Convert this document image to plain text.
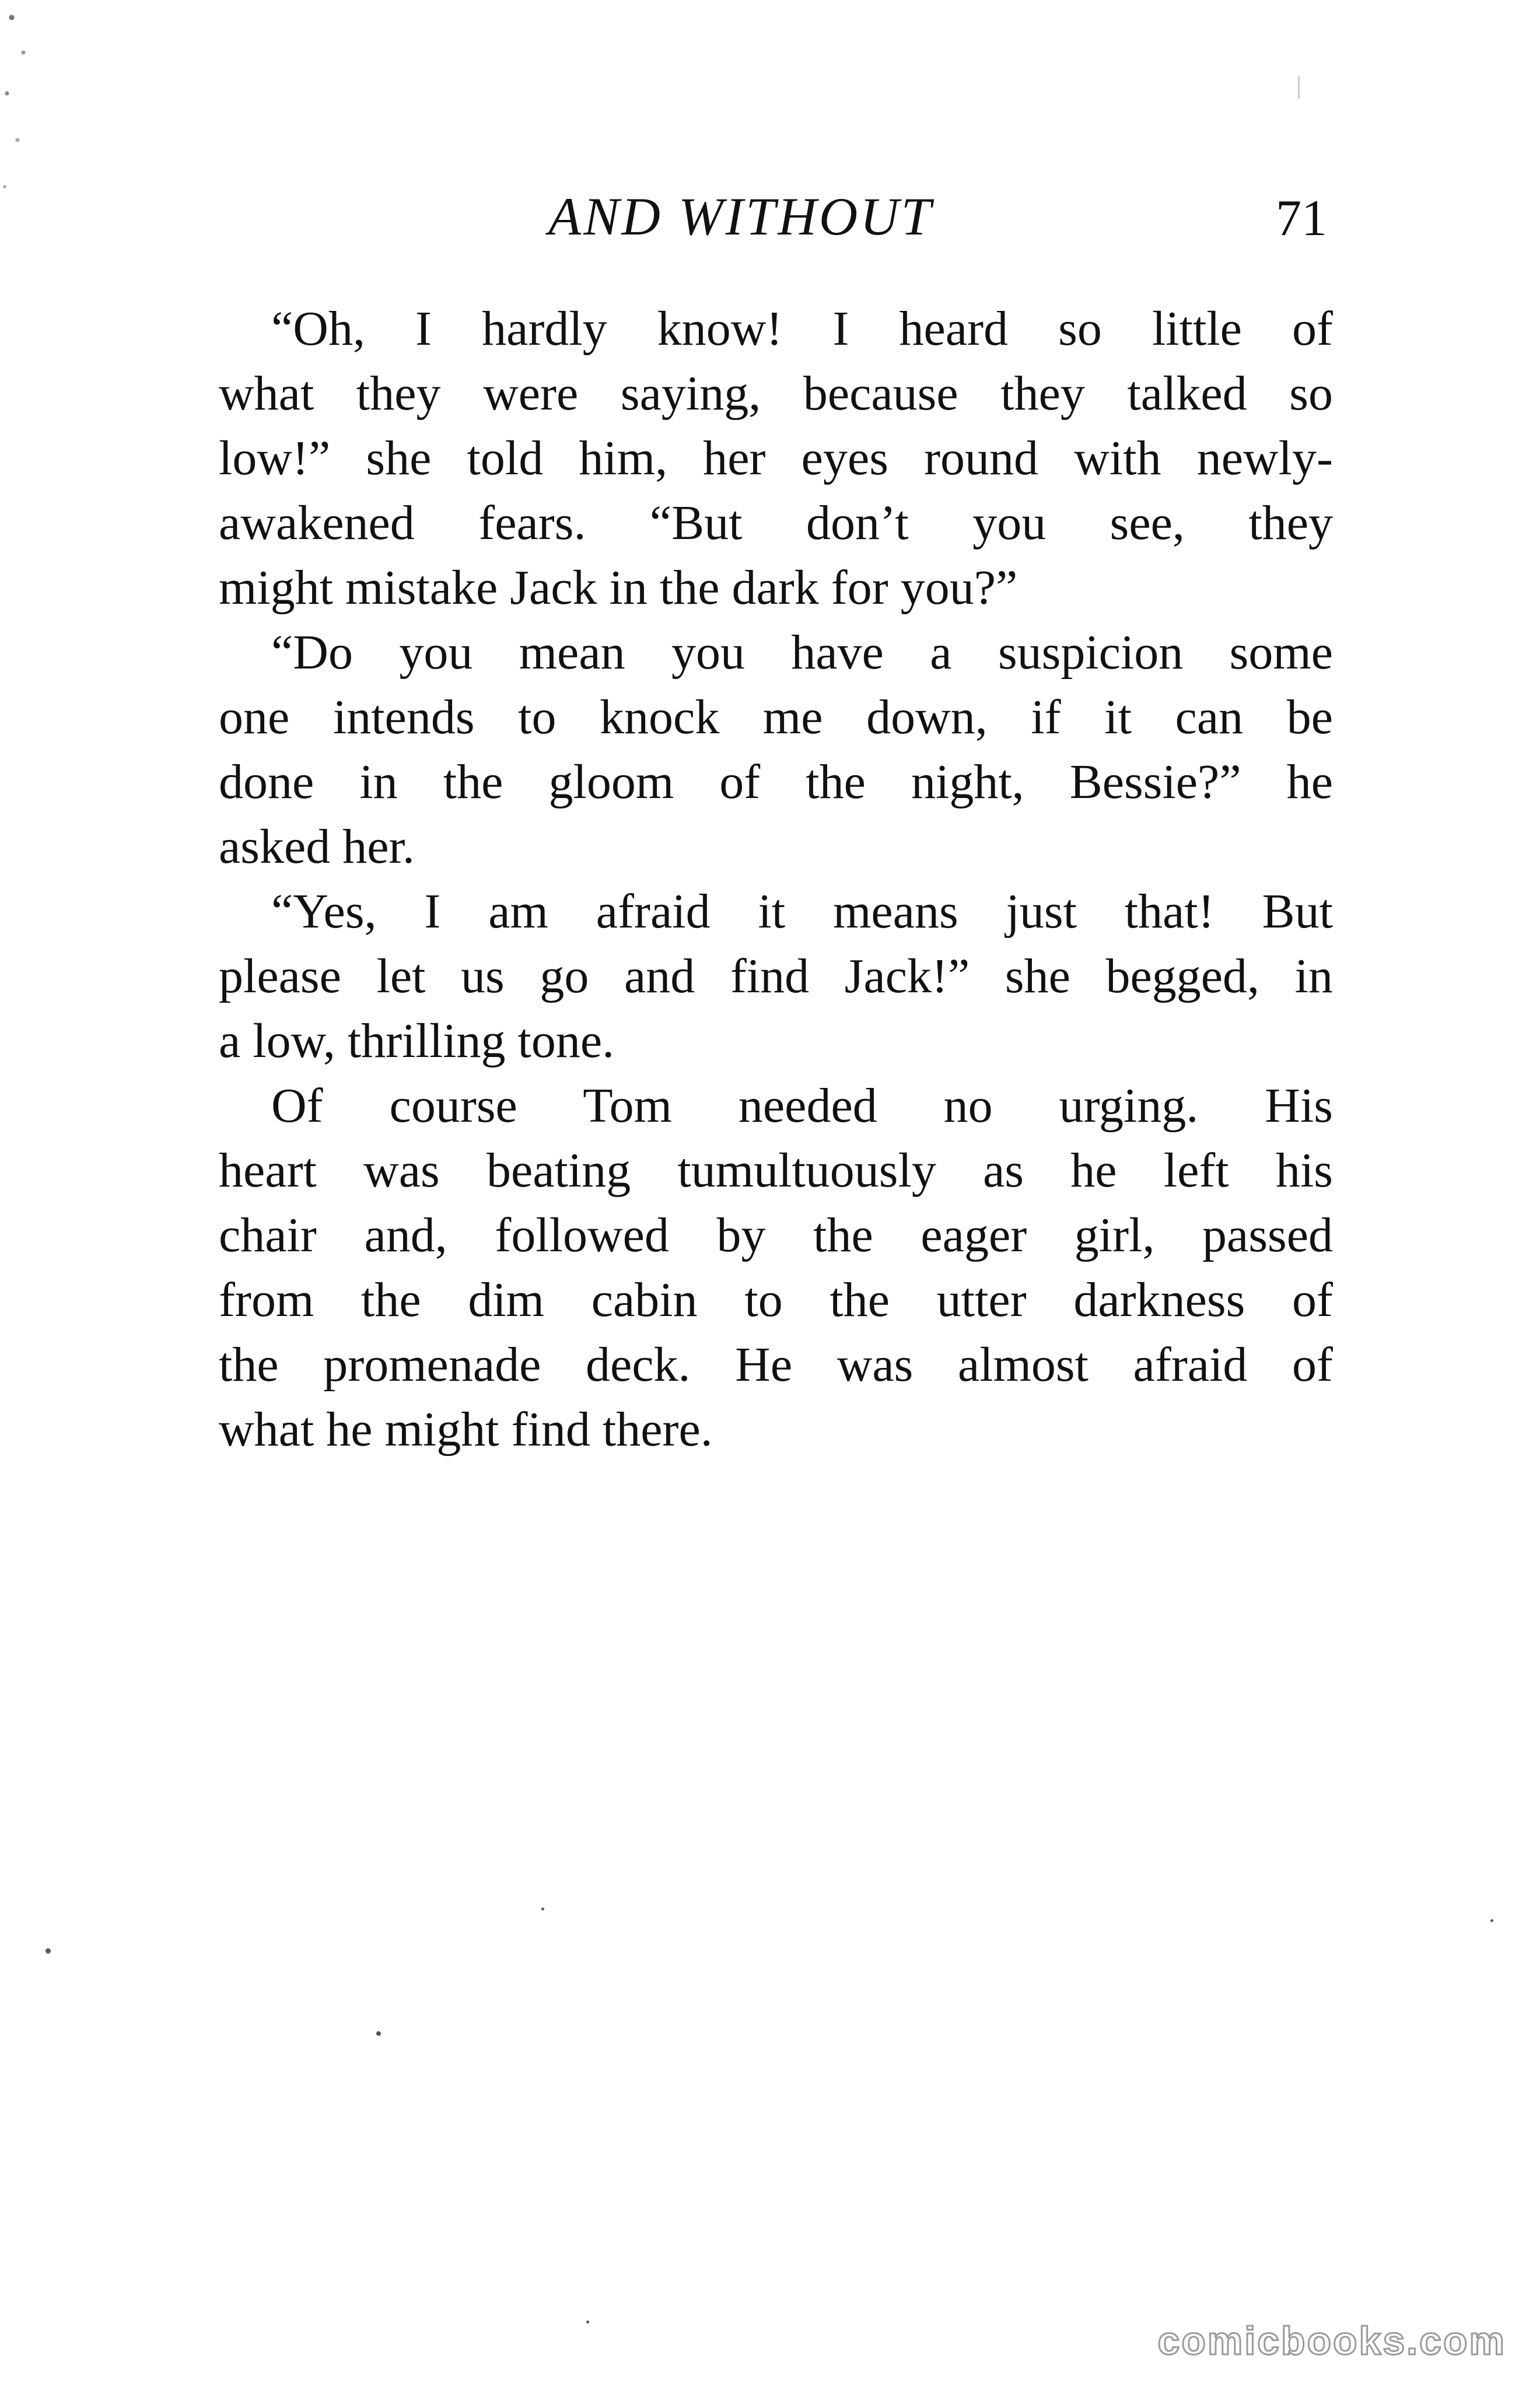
AND WITHOUT	71
“Oh, I hardly know! I heard so little of
what they were saying, because they talked so
low!” she told him, her eyes round with newly-
awakened fears. “But don’t you see, they
might mistake Jack in the dark for you?”
“Do you mean you have a suspicion some
one intends to knock me down, if it can be
done in the gloom of the night, Bessie?” he
asked her.
“Yes, I am afraid it means just that! But
please let us go and find Jack!” she begged, in
a low, thrilling tone.
Of course Tom needed no urging. His
heart was beating tumultuously as he left his
chair and, followed by the eager girl, passed
from the dim cabin to the utter darkness of
the promenade deck. He was almost afraid of
what he might find there.
comicbooks.com
